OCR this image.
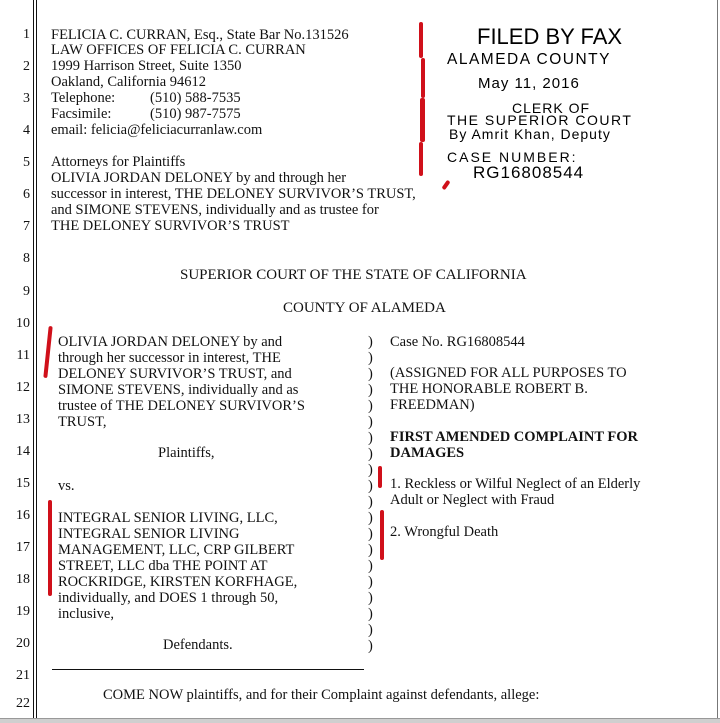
1
2
3
4
5
6
7
8
9
10
11
12
13
14
15
16
17
18
19
20
21
22
FELICIA C. CURRAN, Esq., State Bar No.131526
LAW OFFICES OF FELICIA C. CURRAN
1999 Harrison Street, Suite 1350
Oakland, California 94612
Telephone: (510) 588-7535
Facsimile:	(510) 987-7575
email: felicia@feliciacurranlaw.com
Attorneys for Plaintiffs
OLIVIA JORDAN DELONEY by and through her
successor in interest, THE DELONEY SURVIVOR’S TRUST,
and SIMONE STEVENS, individually and as trustee for
THE DELONEY SURVIVOR’S TRUST
FILED BY FAX
ALAMEDA COUNTY
May 11, 2016
CLERK OF
THE SUPERIOR COURT
By Amrit Khan, Deputy
CASE NUMBER:
RG16808544
SUPERIOR COURT OF THE STATE OF CALIFORNIA
COUNTY OF ALAMEDA
OLIVIA JORDAN DELONEY by and
through her successor in interest, THE
DELONEY SURVIVOR’S TRUST, and
SIMONE STEVENS, individually and as
trustee of THE DELONEY SURVIVOR’S
TRUST,
Plaintiffs,
vs.
INTEGRAL SENIOR LIVING, LLC,
INTEGRAL SENIOR LIVING
MANAGEMENT, LLC, CRP GILBERT
STREET, LLC dba THE POINT AT
ROCKRIDGE, KIRSTEN KORFHAGE,
individually, and DOES 1 through 50,
inclusive,
Defendants.
)
)
)
)
)
)
)
)
)
)
)
)
)
)
)
)
)
)
)
)
Case No. RG16808544
(ASSIGNED FOR ALL PURPOSES TO
THE HONORABLE ROBERT B.
FREEDMAN)
FIRST AMENDED COMPLAINT FOR
DAMAGES
1. Reckless or Wilful Neglect of an Elderly
Adult or Neglect with Fraud
2. Wrongful Death
COME NOW plaintiffs, and for their Complaint against defendants, allege:
